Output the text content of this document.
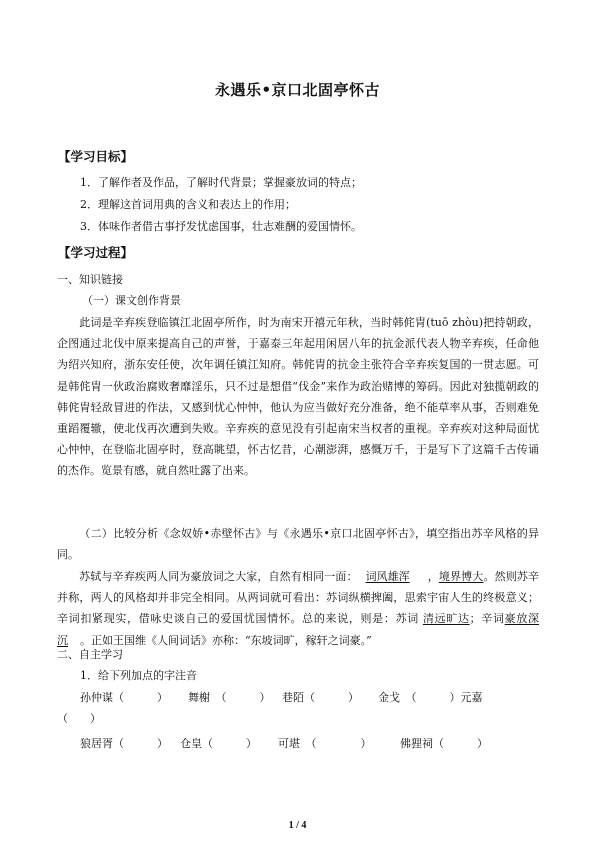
永遇乐•京口北固亭怀古
【学习目标】
1．了解作者及作品，了解时代背景；掌握豪放词的特点；
2．理解这首词用典的含义和表达上的作用；
3．体味作者借古事抒发忧虑国事，壮志难酬的爱国情怀。
【学习过程】
一、知识链接
（一）课文创作背景
此词是辛弃疾登临镇江北固亭所作，时为南宋开禧元年秋，当时韩侂胄(tuō zhòu)把持朝政，企图通过北伐中原来提高自己的声誉，于嘉泰三年起用闲居八年的抗金派代表人物辛弃疾，任命他为绍兴知府，浙东安任使，次年调任镇江知府。韩侂胄的抗金主张符合辛弃疾复国的一贯志愿。可是韩侂胄一伙政治腐败奢靡淫乐，只不过是想借“伐金”来作为政治赌博的筹码。因此对独揽朝政的韩侂胄轻敌冒进的作法，又感到忧心忡忡，他认为应当做好充分准备，绝不能草率从事，否则难免重蹈覆辙，使北伐再次遭到失败。辛弃疾的意见没有引起南宋当权者的重视。辛弃疾对这种局面忧心忡忡，在登临北固亭时，登高眺望，怀古忆昔，心潮澎湃，感慨万千，于是写下了这篇千古传诵的杰作。览景有感，就自然吐露了出来。
（二）比较分析《念奴娇•赤壁怀古》与《永遇乐•京口北固亭怀古》，填空指出苏辛风格的异同。
苏轼与辛弃疾两人同为豪放词之大家，自然有相同一面： 词风雄浑 ，境界博大。然则苏辛并称，两人的风格却并非完全相同。从两词就可看出：苏词纵横捭阖，思索宇宙人生的终极意义；辛词扣紧现实，借咏史谈自己的爱国忧国情怀。总的来说，则是：苏词 清远旷达；辛词豪放深沉 。正如王国维《人间词话》亦称：“东坡词旷，稼轩之词豪。”
二、自主学习
1．给下列加点的字注音
孙仲谋（　　　） 舞榭　（　　　） 巷陌（　　　） 金戈　（　　　）元嘉
（　　）
狼居胥（　　　） 仓皇（　　　） 可堪　（　　　　）	佛狸祠（　　　）
1 / 4
